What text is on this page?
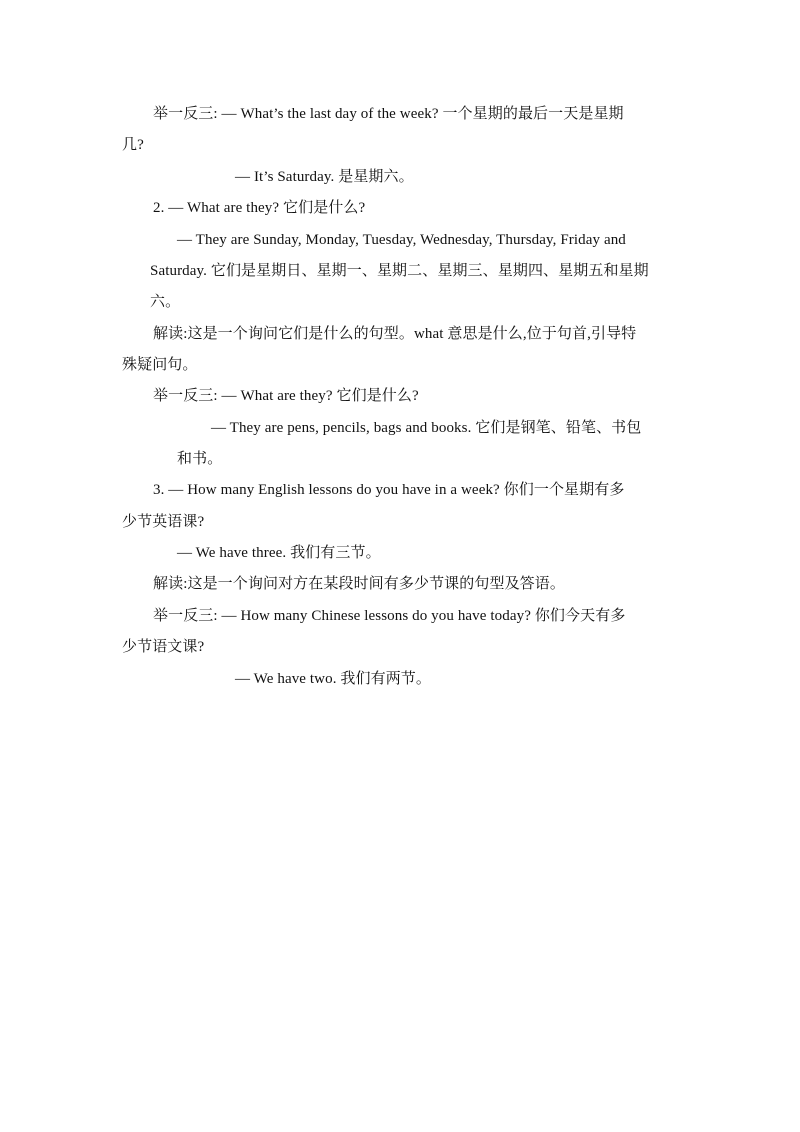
举一反三: — What’s the last day of the week? 一个星期的最后一天是星期
几?
— It’s Saturday. 是星期六。
2. — What are they? 它们是什么?
— They are Sunday, Monday, Tuesday, Wednesday, Thursday, Friday and
Saturday. 它们是星期日、星期一、星期二、星期三、星期四、星期五和星期
六。
解读:这是一个询问它们是什么的句型。what 意思是什么,位于句首,引导特
殊疑问句。
举一反三: — What are they? 它们是什么?
— They are pens, pencils, bags and books. 它们是钢笔、铅笔、书包
和书。
3. — How many English lessons do you have in a week? 你们一个星期有多
少节英语课?
— We have three. 我们有三节。
解读:这是一个询问对方在某段时间有多少节课的句型及答语。
举一反三: — How many Chinese lessons do you have today? 你们今天有多
少节语文课?
— We have two. 我们有两节。
